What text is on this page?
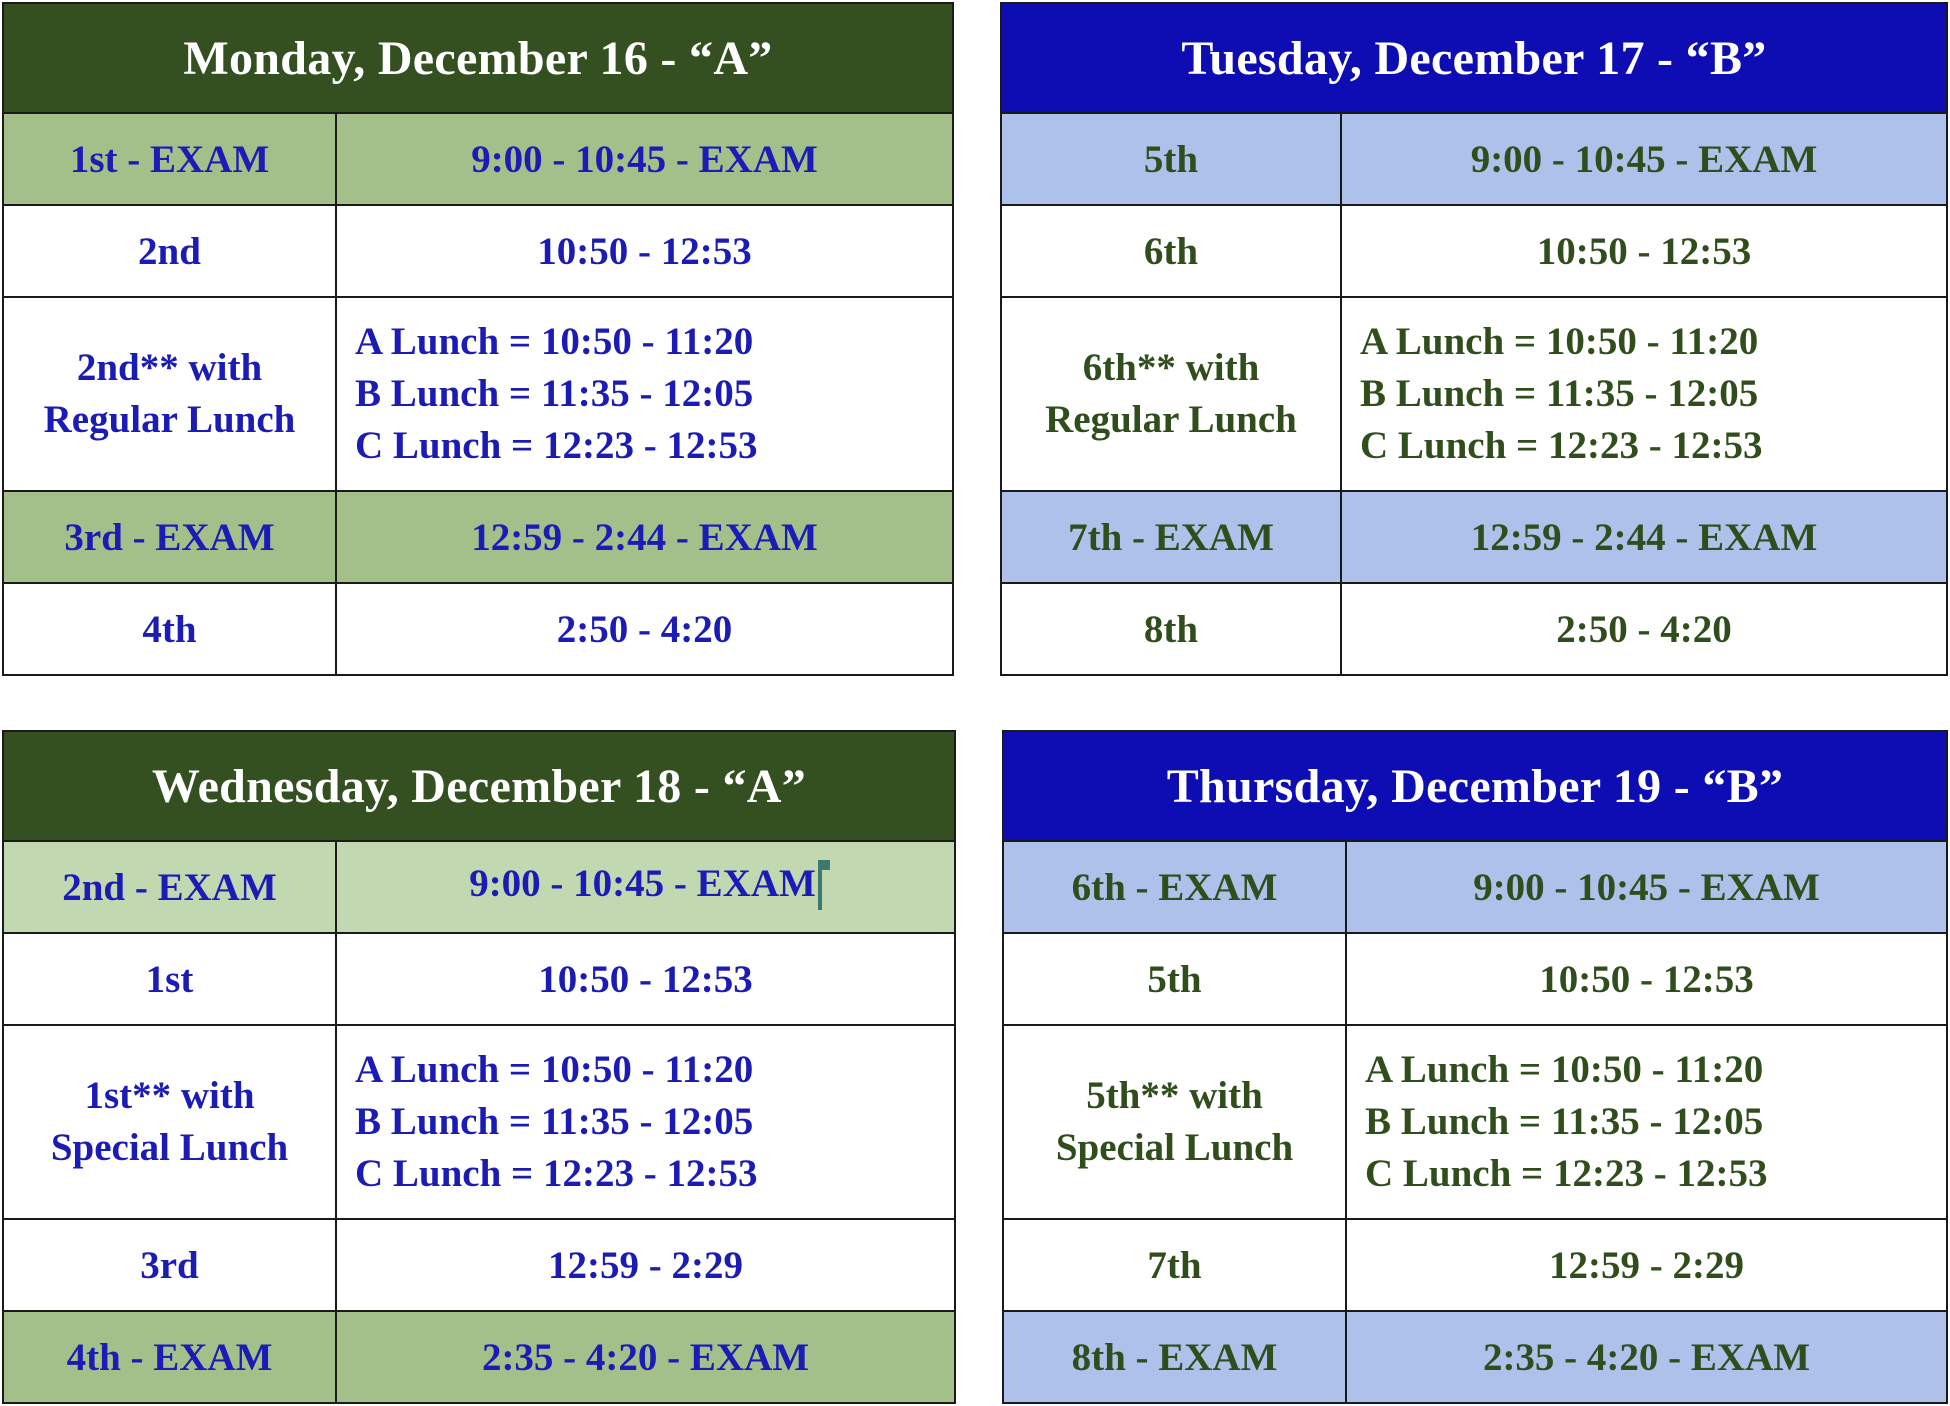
Monday, December 16 - “A”	
1st - EXAM	9:00 - 10:45 - EXAM
2nd	10:50 - 12:53
2nd** with
Regular Lunch	A Lunch = 10:50 - 11:20
B Lunch = 11:35 - 12:05
C Lunch = 12:23 - 12:53

3rd - EXAM	12:59 - 2:44 - EXAM
4th	2:50 - 4:20
Tuesday, December 17 - “B”	
5th	9:00 - 10:45 - EXAM
6th	10:50 - 12:53
6th** with
Regular Lunch	A Lunch = 10:50 - 11:20
B Lunch = 11:35 - 12:05
C Lunch = 12:23 - 12:53

7th - EXAM	12:59 - 2:44 - EXAM
8th	2:50 - 4:20
Wednesday, December 18 - “A”	
2nd - EXAM	9:00 - 10:45 - EXAM
1st	10:50 - 12:53
1st** with
Special Lunch	A Lunch = 10:50 - 11:20
B Lunch = 11:35 - 12:05
C Lunch = 12:23 - 12:53

3rd	12:59 - 2:29
4th - EXAM	2:35 - 4:20 - EXAM
Thursday, December 19 - “B”	
6th - EXAM	9:00 - 10:45 - EXAM
5th	10:50 - 12:53
5th** with
Special Lunch	A Lunch = 10:50 - 11:20
B Lunch = 11:35 - 12:05
C Lunch = 12:23 - 12:53

7th	12:59 - 2:29
8th - EXAM	2:35 - 4:20 - EXAM
